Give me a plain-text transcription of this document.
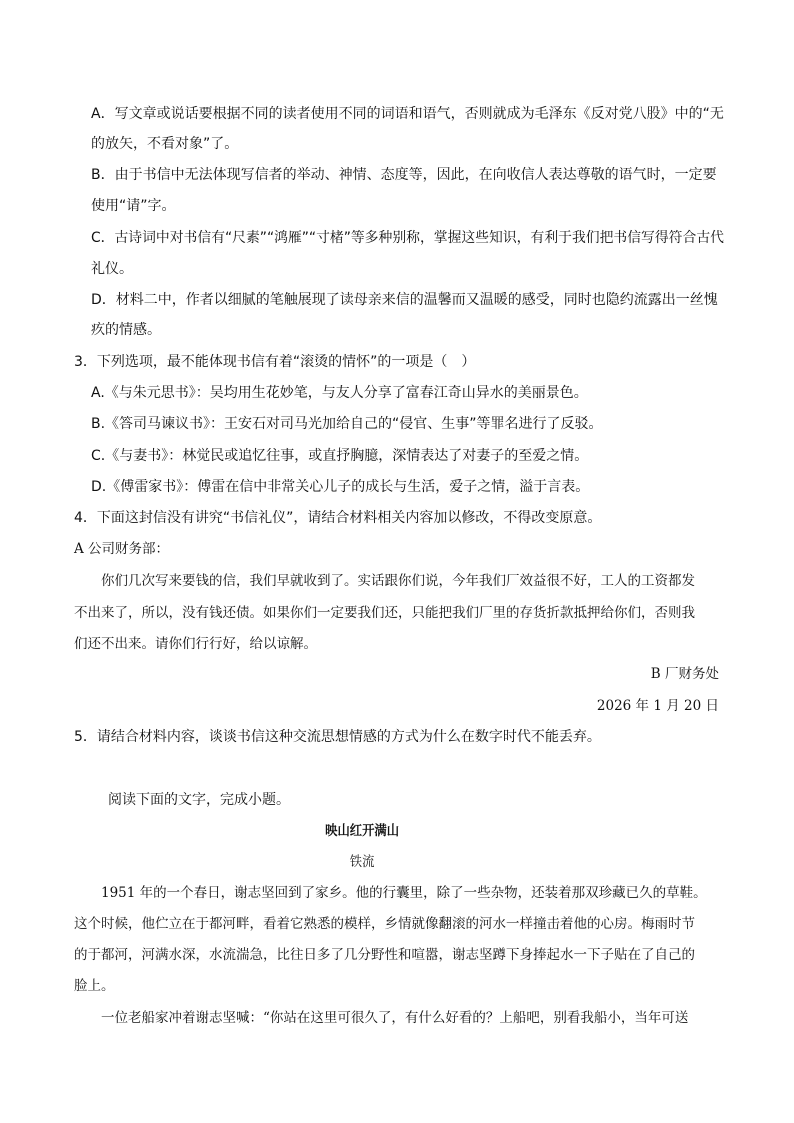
A．写文章或说话要根据不同的读者使用不同的词语和语气，否则就成为毛泽东《反对党八股》中的“无
的放矢，不看对象”了。
B．由于书信中无法体现写信者的举动、神情、态度等，因此，在向收信人表达尊敬的语气时，一定要
使用“请”字。
C．古诗词中对书信有“尺素”“鸿雁”“寸楮”等多种别称，掌握这些知识，有利于我们把书信写得符合古代
礼仪。
D．材料二中，作者以细腻的笔触展现了读母亲来信的温馨而又温暖的感受，同时也隐约流露出一丝愧
疚的情感。
3．下列选项，最不能体现书信有着“滚烫的情怀”的一项是（　）
A.《与朱元思书》：吴均用生花妙笔，与友人分享了富春江奇山异水的美丽景色。
B.《答司马谏议书》：王安石对司马光加给自己的“侵官、生事”等罪名进行了反驳。
C.《与妻书》：林觉民或追忆往事，或直抒胸臆，深情表达了对妻子的至爱之情。
D.《傅雷家书》：傅雷在信中非常关心儿子的成长与生活，爱子之情，溢于言表。
4．下面这封信没有讲究“书信礼仪”，请结合材料相关内容加以修改，不得改变原意。
A 公司财务部：
你们几次写来要钱的信，我们早就收到了。实话跟你们说，今年我们厂效益很不好，工人的工资都发
不出来了，所以，没有钱还债。如果你们一定要我们还，只能把我们厂里的存货折款抵押给你们，否则我
们还不出来。请你们行行好，给以谅解。
B 厂财务处
2026 年 1 月 20 日
5．请结合材料内容，谈谈书信这种交流思想情感的方式为什么在数字时代不能丢弃。
阅读下面的文字，完成小题。
映山红开满山
铁流
1951 年的一个春日，谢志坚回到了家乡。他的行囊里，除了一些杂物，还装着那双珍藏已久的草鞋。
这个时候，他伫立在于都河畔，看着它熟悉的模样，乡情就像翻滚的河水一样撞击着他的心房。梅雨时节
的于都河，河满水深，水流湍急，比往日多了几分野性和喧嚣，谢志坚蹲下身捧起水一下子贴在了自己的
脸上。
一位老船家冲着谢志坚喊：“你站在这里可很久了，有什么好看的？上船吧，别看我船小，当年可送
